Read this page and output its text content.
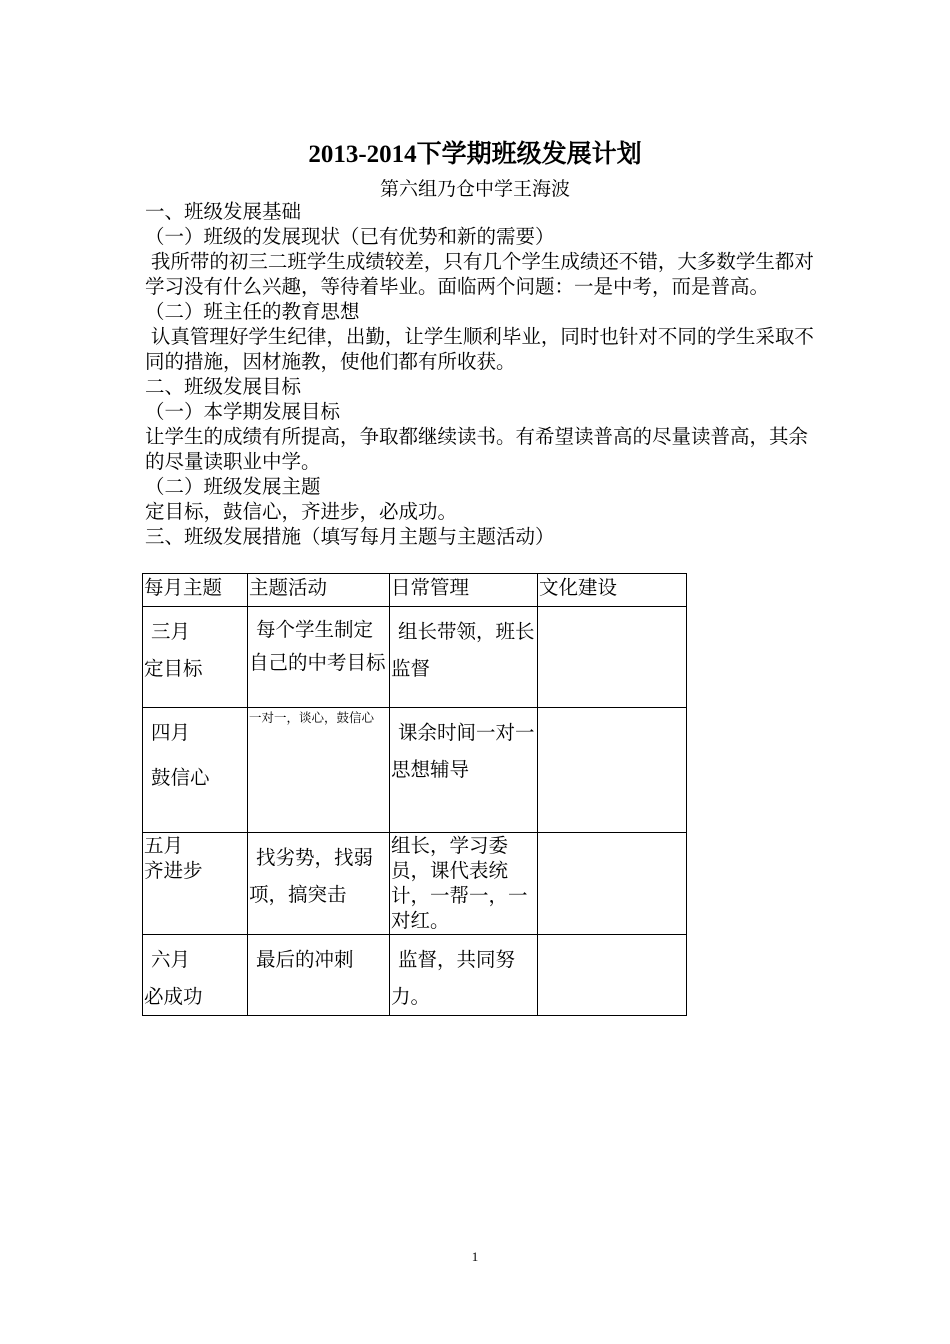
2013-2014下学期班级发展计划
第六组乃仓中学王海波

一、班级发展基础

（一）班级的发展现状（已有优势和新的需要）

我所带的初三二班学生成绩较差，只有几个学生成绩还不错，大多数学生都对学习没有什么兴趣，等待着毕业。面临两个问题：一是中考，而是普高。

（二）班主任的教育思想

认真管理好学生纪律，出勤，让学生顺利毕业，同时也针对不同的学生采取不同的措施，因材施教，使他们都有所收获。

二、班级发展目标

（一）本学期发展目标

让学生的成绩有所提高，争取都继续读书。有希望读普高的尽量读普高，其余的尽量读职业中学。

（二）班级发展主题

定目标，鼓信心，齐进步，必成功。

三、班级发展措施（填写每月主题与主题活动）

每月主题	主题活动	日常管理	文化建设

三月
定目标	每个学生制定自己的中考目标	组长带领，班长监督	

四月
鼓信心	一对一，谈心，鼓信心	课余时间一对一思想辅导	

五月
齐进步	找劣势，找弱项，搞突击	组长，学习委员，课代表统计，一帮一，一对红。	

六月
必成功	最后的冲刺	监督，共同努力。	

1
